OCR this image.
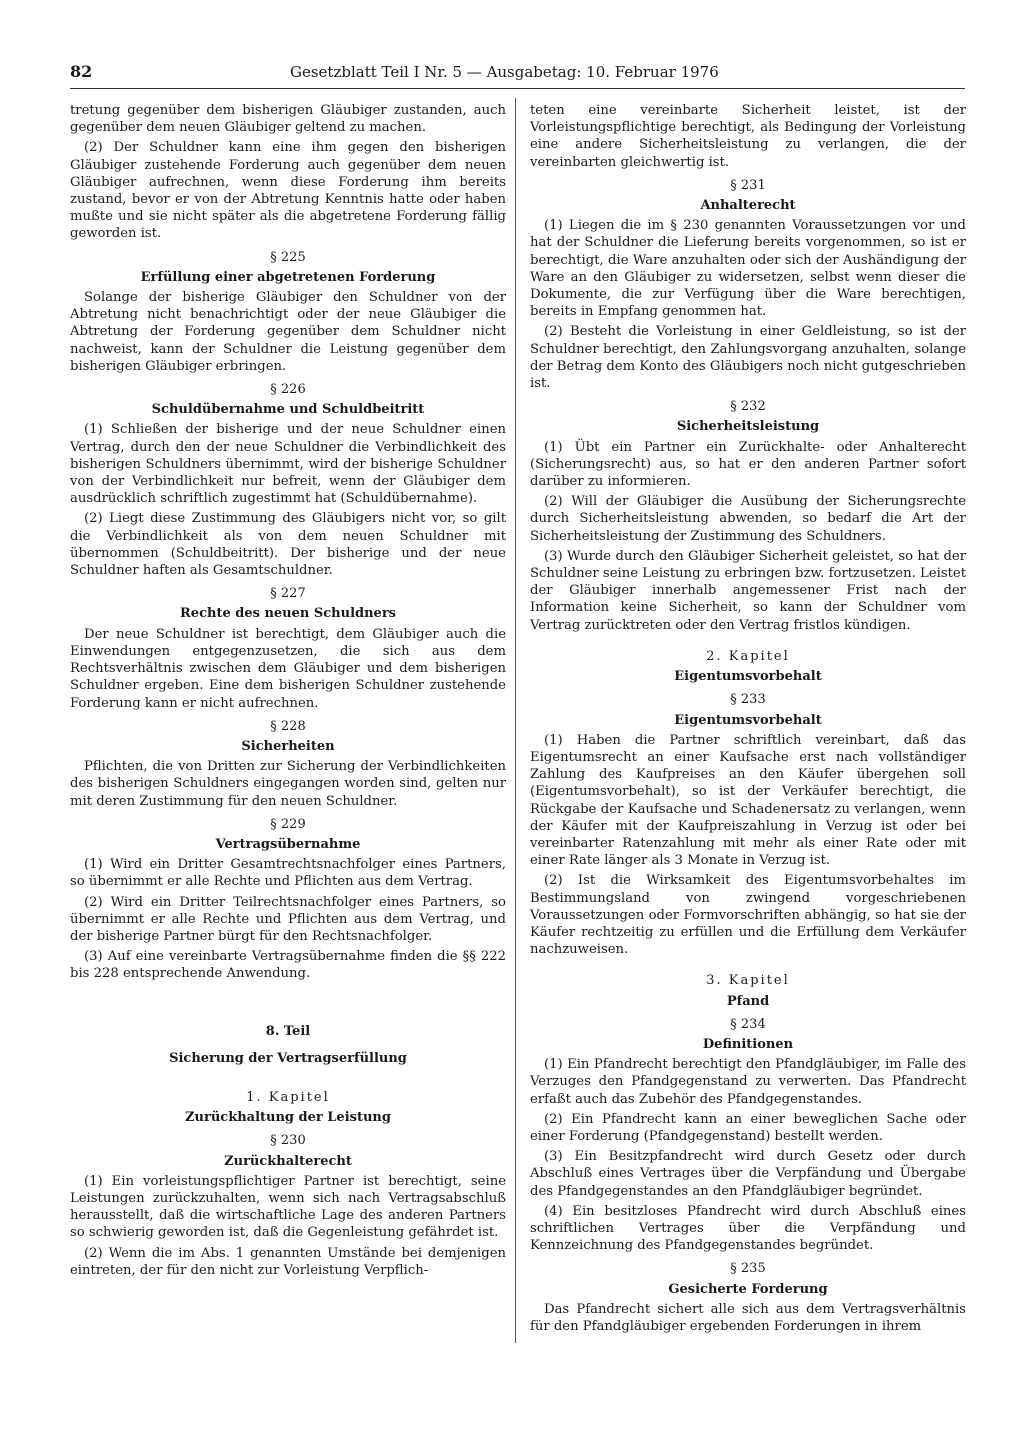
82	Gesetzblatt Teil I Nr. 5 — Ausgabetag: 10. Februar 1976

tretung gegenüber dem bisherigen Gläubiger zustanden, auch gegenüber dem neuen Gläubiger geltend zu machen.

(2) Der Schuldner kann eine ihm gegen den bisherigen Gläubiger zustehende Forderung auch gegenüber dem neuen Gläubiger aufrechnen, wenn diese Forderung ihm bereits zustand, bevor er von der Abtretung Kenntnis hatte oder haben mußte und sie nicht später als die abgetretene Forderung fällig geworden ist.

§ 225
Erfüllung einer abgetretenen Forderung

Solange der bisherige Gläubiger den Schuldner von der Abtretung nicht benachrichtigt oder der neue Gläubiger die Abtretung der Forderung gegenüber dem Schuldner nicht nachweist, kann der Schuldner die Leistung gegenüber dem bisherigen Gläubiger erbringen.

§ 226
Schuldübernahme und Schuldbeitritt

(1) Schließen der bisherige und der neue Schuldner einen Vertrag, durch den der neue Schuldner die Verbindlichkeit des bisherigen Schuldners übernimmt, wird der bisherige Schuldner von der Verbindlichkeit nur befreit, wenn der Gläubiger dem ausdrücklich schriftlich zugestimmt hat (Schuldübernahme).

(2) Liegt diese Zustimmung des Gläubigers nicht vor, so gilt die Verbindlichkeit als von dem neuen Schuldner mit übernommen (Schuldbeitritt). Der bisherige und der neue Schuldner haften als Gesamtschuldner.

§ 227
Rechte des neuen Schuldners

Der neue Schuldner ist berechtigt, dem Gläubiger auch die Einwendungen entgegenzusetzen, die sich aus dem Rechtsverhältnis zwischen dem Gläubiger und dem bisherigen Schuldner ergeben. Eine dem bisherigen Schuldner zustehende Forderung kann er nicht aufrechnen.

§ 228
Sicherheiten

Pflichten, die von Dritten zur Sicherung der Verbindlichkeiten des bisherigen Schuldners eingegangen worden sind, gelten nur mit deren Zustimmung für den neuen Schuldner.

§ 229
Vertragsübernahme

(1) Wird ein Dritter Gesamtrechtsnachfolger eines Partners, so übernimmt er alle Rechte und Pflichten aus dem Vertrag.

(2) Wird ein Dritter Teilrechtsnachfolger eines Partners, so übernimmt er alle Rechte und Pflichten aus dem Vertrag, und der bisherige Partner bürgt für den Rechtsnachfolger.

(3) Auf eine vereinbarte Vertragsübernahme finden die §§ 222 bis 228 entsprechende Anwendung.

8. Teil
Sicherung der Vertragserfüllung
1. Kapitel
Zurückhaltung der Leistung
§ 230
Zurückhalterecht

(1) Ein vorleistungspflichtiger Partner ist berechtigt, seine Leistungen zurückzuhalten, wenn sich nach Vertragsabschluß herausstellt, daß die wirtschaftliche Lage des anderen Partners so schwierig geworden ist, daß die Gegenleistung gefährdet ist.

(2) Wenn die im Abs. 1 genannten Umstände bei demjenigen eintreten, der für den nicht zur Vorleistung Verpflich-

teten eine vereinbarte Sicherheit leistet, ist der Vorleistungspflichtige berechtigt, als Bedingung der Vorleistung eine andere Sicherheitsleistung zu verlangen, die der vereinbarten gleichwertig ist.

§ 231
Anhalterecht

(1) Liegen die im § 230 genannten Voraussetzungen vor und hat der Schuldner die Lieferung bereits vorgenommen, so ist er berechtigt, die Ware anzuhalten oder sich der Aushändigung der Ware an den Gläubiger zu widersetzen, selbst wenn dieser die Dokumente, die zur Verfügung über die Ware berechtigen, bereits in Empfang genommen hat.

(2) Besteht die Vorleistung in einer Geldleistung, so ist der Schuldner berechtigt, den Zahlungsvorgang anzuhalten, solange der Betrag dem Konto des Gläubigers noch nicht gutgeschrieben ist.

§ 232
Sicherheitsleistung

(1) Übt ein Partner ein Zurückhalte- oder Anhalterecht (Sicherungsrecht) aus, so hat er den anderen Partner sofort darüber zu informieren.

(2) Will der Gläubiger die Ausübung der Sicherungsrechte durch Sicherheitsleistung abwenden, so bedarf die Art der Sicherheitsleistung der Zustimmung des Schuldners.

(3) Wurde durch den Gläubiger Sicherheit geleistet, so hat der Schuldner seine Leistung zu erbringen bzw. fortzusetzen. Leistet der Gläubiger innerhalb angemessener Frist nach der Information keine Sicherheit, so kann der Schuldner vom Vertrag zurücktreten oder den Vertrag fristlos kündigen.

2. Kapitel
Eigentumsvorbehalt
§ 233
Eigentumsvorbehalt

(1) Haben die Partner schriftlich vereinbart, daß das Eigentumsrecht an einer Kaufsache erst nach vollständiger Zahlung des Kaufpreises an den Käufer übergehen soll (Eigentumsvorbehalt), so ist der Verkäufer berechtigt, die Rückgabe der Kaufsache und Schadenersatz zu verlangen, wenn der Käufer mit der Kaufpreiszahlung in Verzug ist oder bei vereinbarter Ratenzahlung mit mehr als einer Rate oder mit einer Rate länger als 3 Monate in Verzug ist.

(2) Ist die Wirksamkeit des Eigentumsvorbehaltes im Bestimmungsland von zwingend vorgeschriebenen Voraussetzungen oder Formvorschriften abhängig, so hat sie der Käufer rechtzeitig zu erfüllen und die Erfüllung dem Verkäufer nachzuweisen.

3. Kapitel
Pfand
§ 234
Definitionen

(1) Ein Pfandrecht berechtigt den Pfandgläubiger, im Falle des Verzuges den Pfandgegenstand zu verwerten. Das Pfandrecht erfaßt auch das Zubehör des Pfandgegenstandes.

(2) Ein Pfandrecht kann an einer beweglichen Sache oder einer Forderung (Pfandgegenstand) bestellt werden.

(3) Ein Besitzpfandrecht wird durch Gesetz oder durch Abschluß eines Vertrages über die Verpfändung und Übergabe des Pfandgegenstandes an den Pfandgläubiger begründet.

(4) Ein besitzloses Pfandrecht wird durch Abschluß eines schriftlichen Vertrages über die Verpfändung und Kennzeichnung des Pfandgegenstandes begründet.

§ 235
Gesicherte Forderung

Das Pfandrecht sichert alle sich aus dem Vertragsverhältnis für den Pfandgläubiger ergebenden Forderungen in ihrem
